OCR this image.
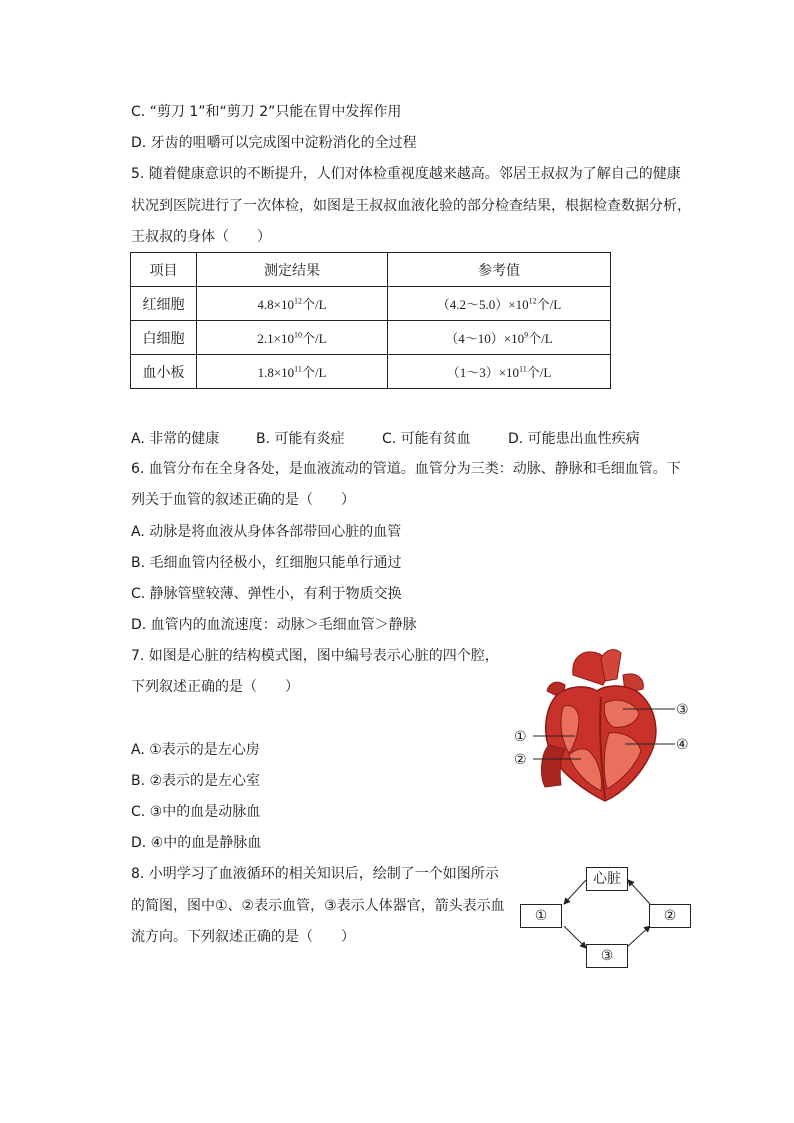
C. “剪刀 1”和“剪刀 2”只能在胃中发挥作用
D. 牙齿的咀嚼可以完成图中淀粉消化的全过程
5. 随着健康意识的不断提升，人们对体检重视度越来越高。邻居王叔叔为了解自己的健康
状况到医院进行了一次体检，如图是王叔叔血液化验的部分检查结果，根据检查数据分析，
王叔叔的身体（　　）
项目	测定结果	参考值
红细胞	$4.8\times 10^{12}$个/L	$(4.2\sim 5.0)\times 10^{12}$个/L
白细胞	$2.1\times 10^{10}$个/L	$(4\sim 10)\times 10^9$个/L
血小板	$1.8\times 10^{11}$个/L	$(1\sim 3)\times 10^{11}$个/L
A. 非常的健康	B. 可能有炎症	C. 可能有贫血	D. 可能患出血性疾病
6. 血管分布在全身各处，是血液流动的管道。血管分为三类：动脉、静脉和毛细血管。下
列关于血管的叙述正确的是（　　）
A. 动脉是将血液从身体各部带回心脏的血管
B. 毛细血管内径极小，红细胞只能单行通过
C. 静脉管壁较薄、弹性小，有利于物质交换
D. 血管内的血流速度：动脉＞毛细血管＞静脉
7. 如图是心脏的结构模式图，图中编号表示心脏的四个腔，
下列叙述正确的是（　　）
A. ①表示的是左心房
B. ②表示的是左心室
C. ③中的血是动脉血
D. ④中的血是静脉血
①
②
③
④
8. 小明学习了血液循环的相关知识后，绘制了一个如图所示
的简图，图中①、②表示血管，③表示人体器官，箭头表示血
流方向。下列叙述正确的是（　　）
心脏
①	②
③
